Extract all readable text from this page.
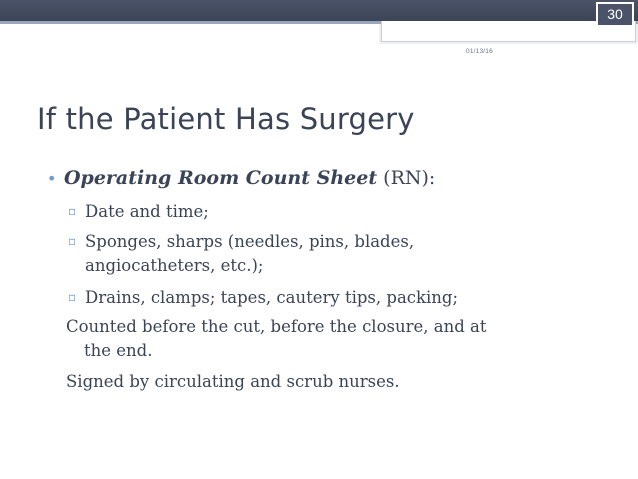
30
01/13/16
If the Patient Has Surgery
• Operating Room Count Sheet (RN):
▫ Date and time;
▫ Sponges, sharps (needles, pins, blades,
angiocatheters, etc.);
▫ Drains, clamps; tapes, cautery tips, packing;
Counted before the cut, before the closure, and at
the end.
Signed by circulating and scrub nurses.
